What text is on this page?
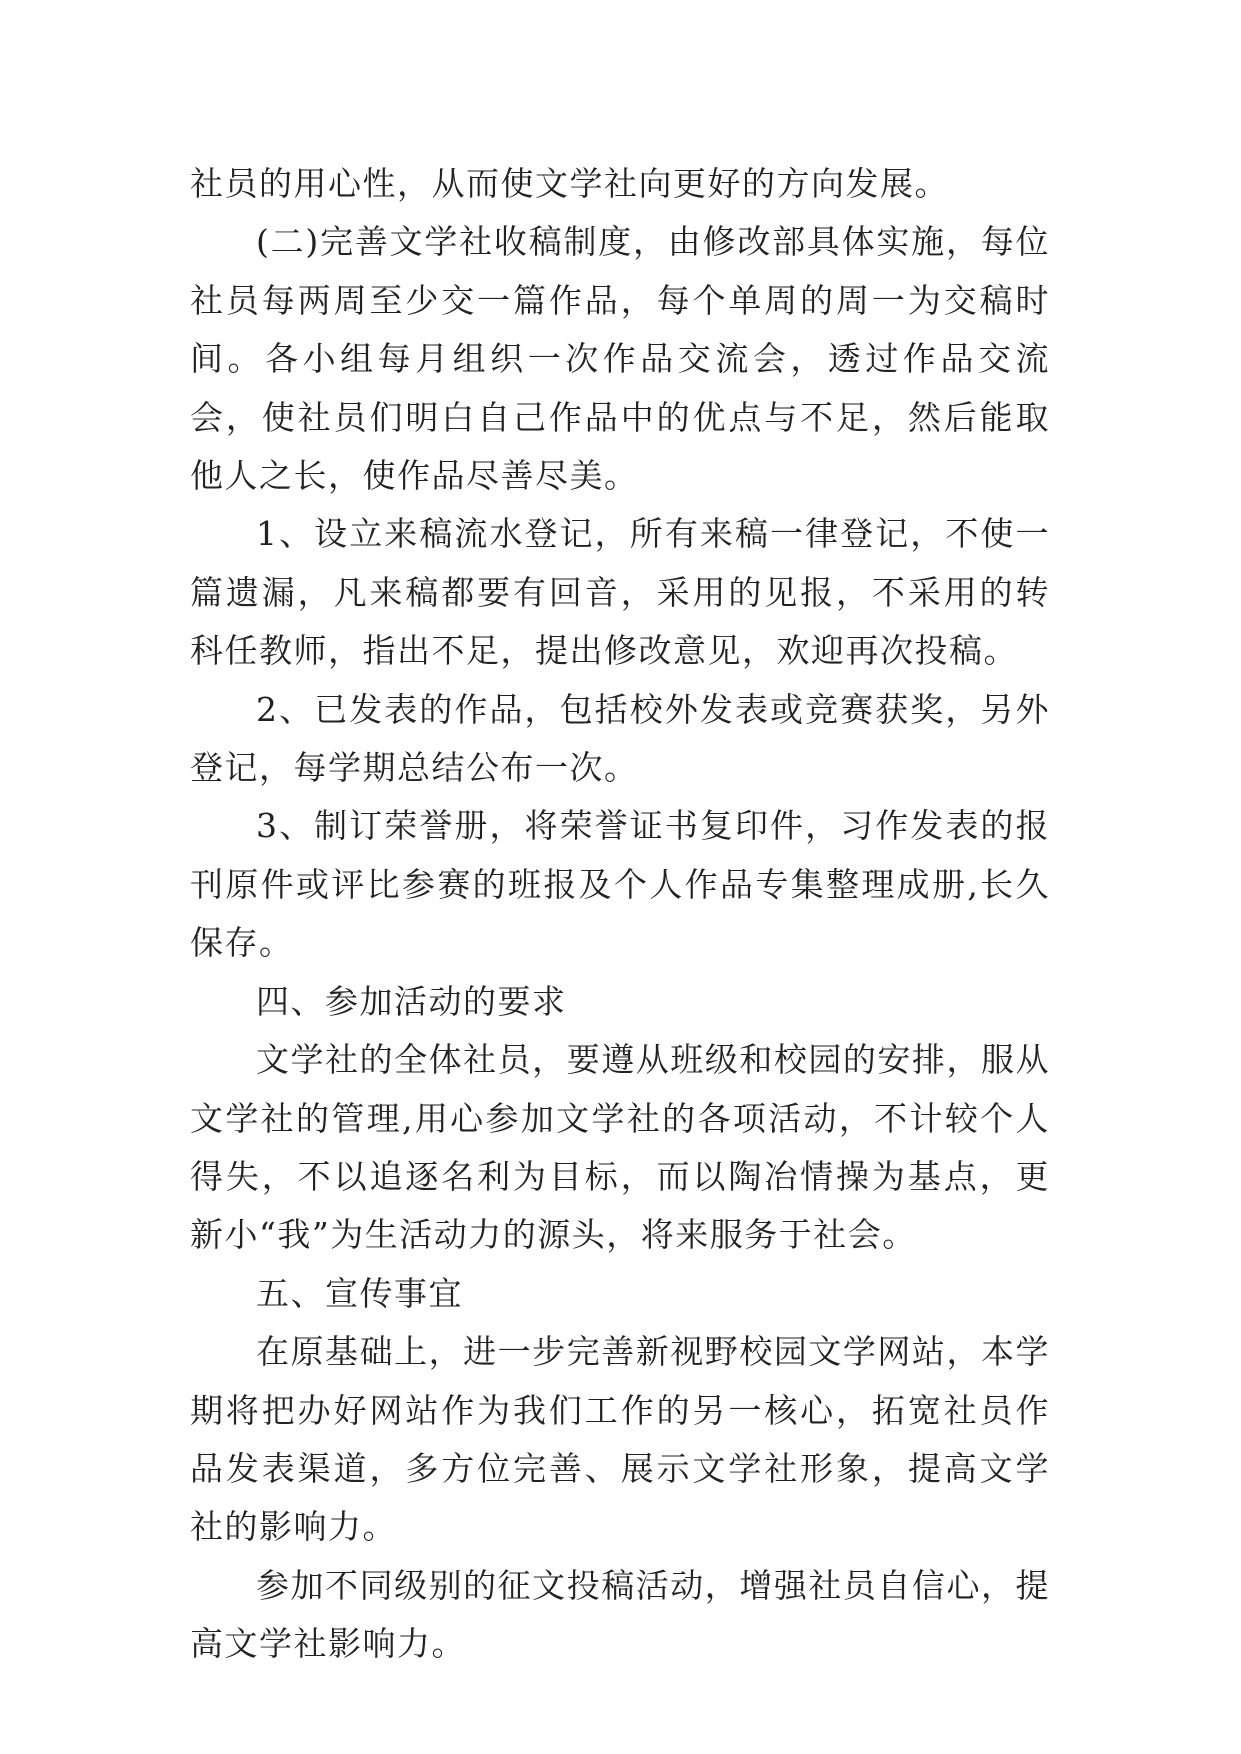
社员的用心性，从而使文学社向更好的方向发展。

(二)完善文学社收稿制度，由修改部具体实施，每位社员每两周至少交一篇作品，每个单周的周一为交稿时间。各小组每月组织一次作品交流会，透过作品交流会，使社员们明白自己作品中的优点与不足，然后能取他人之长，使作品尽善尽美。

1、设立来稿流水登记，所有来稿一律登记，不使一篇遗漏，凡来稿都要有回音，采用的见报，不采用的转科任教师，指出不足，提出修改意见，欢迎再次投稿。

2、已发表的作品，包括校外发表或竞赛获奖，另外登记，每学期总结公布一次。

3、制订荣誉册，将荣誉证书复印件，习作发表的报刊原件或评比参赛的班报及个人作品专集整理成册,长久保存。

四、参加活动的要求

文学社的全体社员，要遵从班级和校园的安排，服从文学社的管理,用心参加文学社的各项活动，不计较个人得失，不以追逐名利为目标，而以陶冶情操为基点，更新小“我”为生活动力的源头，将来服务于社会。

五、宣传事宜

在原基础上，进一步完善新视野校园文学网站，本学期将把办好网站作为我们工作的另一核心，拓宽社员作品发表渠道，多方位完善、展示文学社形象，提高文学社的影响力。

参加不同级别的征文投稿活动，增强社员自信心，提高文学社影响力。
